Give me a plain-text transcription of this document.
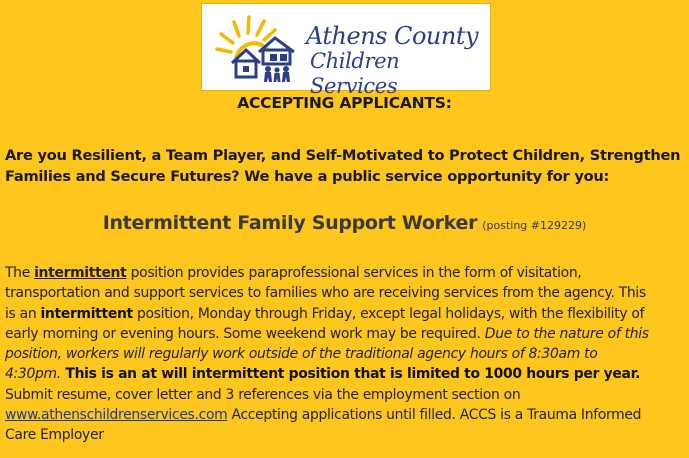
Athens County
Children Services
ACCEPTING APPLICANTS:
Are you Resilient, a Team Player, and Self-Motivated to Protect Children, Strengthen
Families and Secure Futures? We have a public service opportunity for you:
Intermittent Family Support Worker (posting #129229)
The intermittent position provides paraprofessional services in the form of visitation,
transportation and support services to families who are receiving services from the agency. This
is an intermittent position, Monday through Friday, except legal holidays, with the flexibility of
early morning or evening hours. Some weekend work may be required. Due to the nature of this
position, workers will regularly work outside of the traditional agency hours of 8:30am to
4:30pm. This is an at will intermittent position that is limited to 1000 hours per year.
Submit resume, cover letter and 3 references via the employment section on
www.athenschildrenservices.com Accepting applications until filled. ACCS is a Trauma Informed
Care Employer
